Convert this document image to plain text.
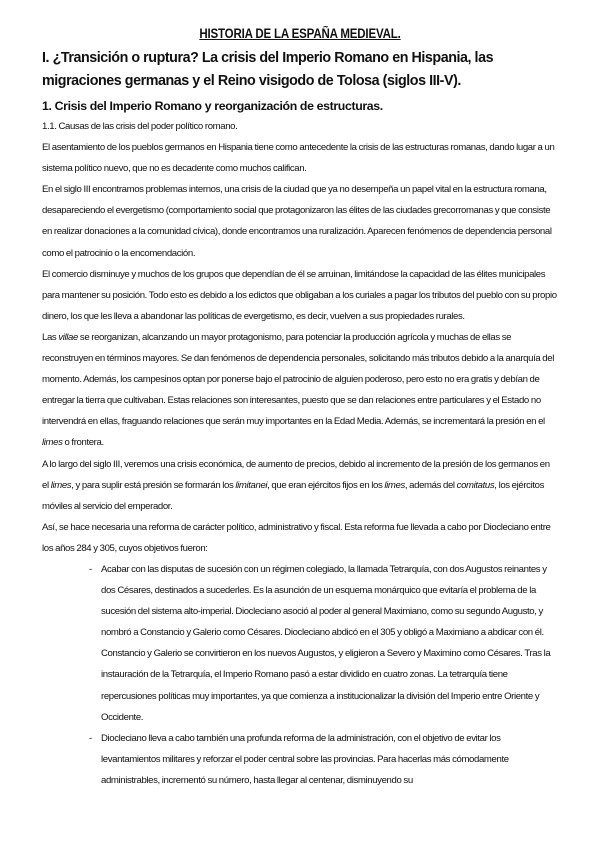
HISTORIA DE LA ESPAÑA MEDIEVAL.
I. ¿Transición o ruptura? La crisis del Imperio Romano en Hispania, las migraciones germanas y el Reino visigodo de Tolosa (siglos III-V).
1. Crisis del Imperio Romano y reorganización de estructuras.

1.1. Causas de las crisis del poder político romano.

El asentamiento de los pueblos germanos en Hispania tiene como antecedente la crisis de las estructuras romanas, dando lugar a un sistema político nuevo, que no es decadente como muchos califican.

En el siglo III encontramos problemas internos, una crisis de la ciudad que ya no desempeña un papel vital en la estructura romana, desapareciendo el evergetismo (comportamiento social que protagonizaron las élites de las ciudades grecorromanas y que consiste en realizar donaciones a la comunidad cívica), donde encontramos una ruralización. Aparecen fenómenos de dependencia personal como el patrocinio o la encomendación.

El comercio disminuye y muchos de los grupos que dependían de él se arruinan, limitándose la capacidad de las élites municipales para mantener su posición. Todo esto es debido a los edictos que obligaban a los curiales a pagar los tributos del pueblo con su propio dinero, los que les lleva a abandonar las políticas de evergetismo, es decir, vuelven a sus propiedades rurales.

Las villae se reorganizan, alcanzando un mayor protagonismo, para potenciar la producción agrícola y muchas de ellas se reconstruyen en términos mayores. Se dan fenómenos de dependencia personales, solicitando más tributos debido a la anarquía del momento. Además, los campesinos optan por ponerse bajo el patrocinio de alguien poderoso, pero esto no era gratis y debían de entregar la tierra que cultivaban. Estas relaciones son interesantes, puesto que se dan relaciones entre particulares y el Estado no intervendrá en ellas, fraguando relaciones que serán muy importantes en la Edad Media. Además, se incrementará la presión en el limes o frontera.

A lo largo del siglo III, veremos una crisis económica, de aumento de precios, debido al incremento de la presión de los germanos en el limes, y para suplir está presión se formarán los limitanei, que eran ejércitos fijos en los limes, además del comitatus, los ejércitos móviles al servicio del emperador.

Así, se hace necesaria una reforma de carácter político, administrativo y fiscal. Esta reforma fue llevada a cabo por Diocleciano entre los años 284 y 305, cuyos objetivos fueron:

- Acabar con las disputas de sucesión con un régimen colegiado, la llamada Tetrarquía, con dos Augustos reinantes y dos Césares, destinados a sucederles. Es la asunción de un esquema monárquico que evitaría el problema de la sucesión del sistema alto-imperial. Diocleciano asoció al poder al general Maximiano, como su segundo Augusto, y nombró a Constancio y Galerio como Césares. Diocleciano abdicó en el 305 y obligó a Maximiano a abdicar con él. Constancio y Galerio se convirtieron en los nuevos Augustos, y eligieron a Severo y Maximino como Césares. Tras la instauración de la Tetrarquía, el Imperio Romano pasó a estar dividido en cuatro zonas. La tetrarquía tiene repercusiones políticas muy importantes, ya que comienza a institucionalizar la división del Imperio entre Oriente y Occidente.
- Diocleciano lleva a cabo también una profunda reforma de la administración, con el objetivo de evitar los levantamientos militares y reforzar el poder central sobre las provincias. Para hacerlas más cómodamente administrables, incrementó su número, hasta llegar al centenar, disminuyendo su
